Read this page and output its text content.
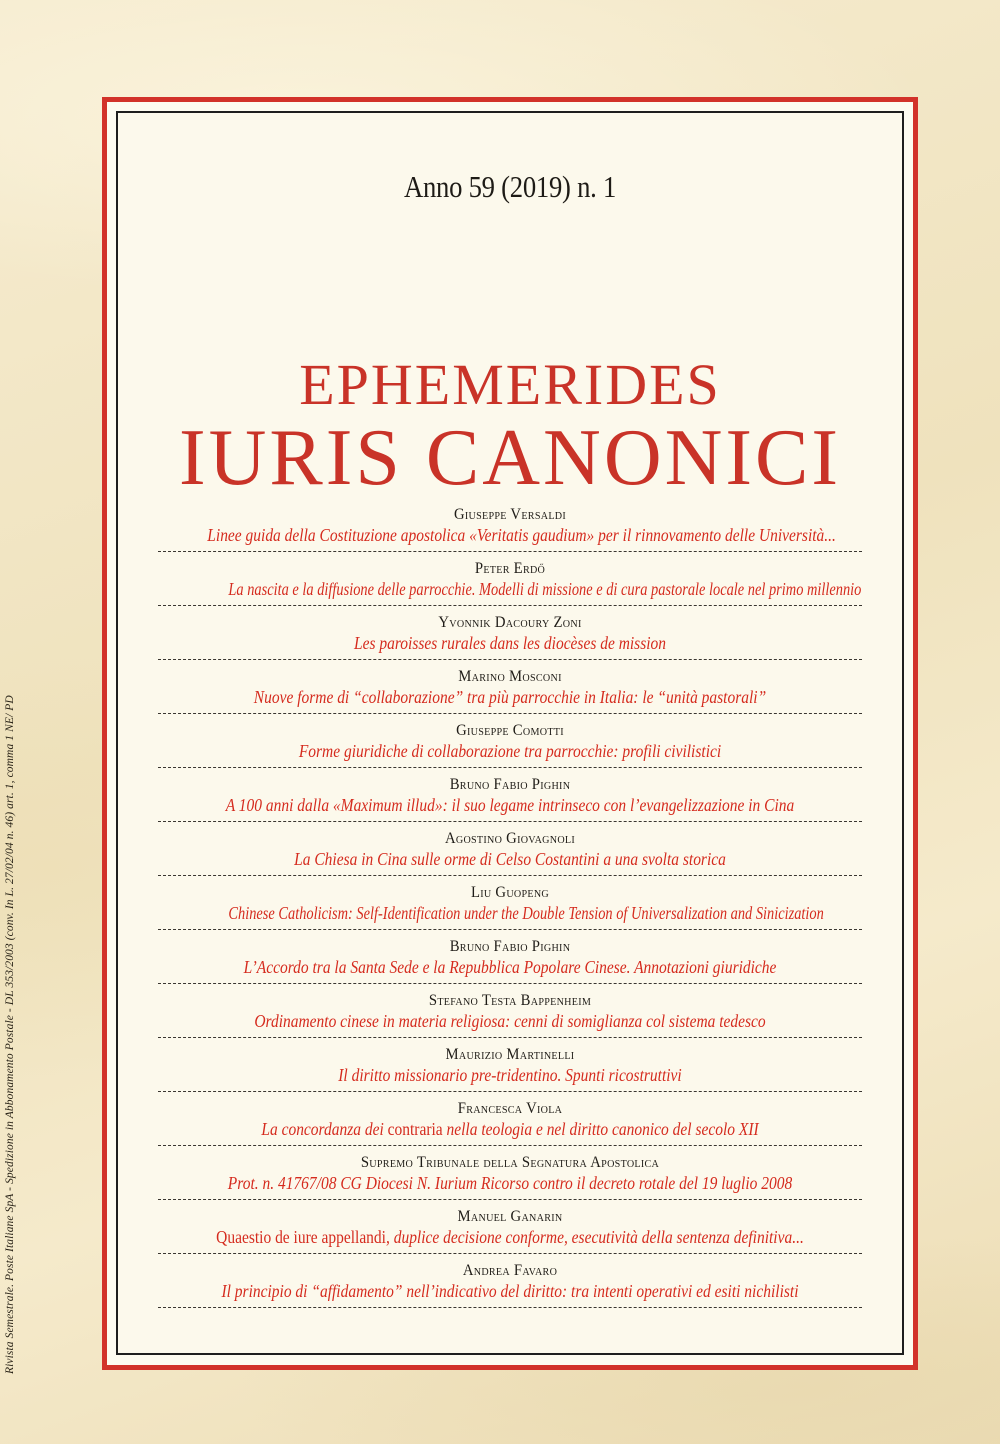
Rivista Semestrale. Poste Italiane SpA - Spedizione in Abbonamento Postale - DL 353/2003 (conv. In L. 27/02/04 n. 46) art. 1, comma 1 NE/ PD
Anno 59 (2019) n. 1
EPHEMERIDES
IURIS CANONICI
Giuseppe Versaldi
Linee guida della Costituzione apostolica «Veritatis gaudium» per il rinnovamento delle Università...
Peter Erdő
La nascita e la diffusione delle parrocchie. Modelli di missione e di cura pastorale locale nel primo millennio
Yvonnik Dacoury Zoni
Les paroisses rurales dans les diocèses de mission
Marino Mosconi
Nuove forme di “collaborazione” tra più parrocchie in Italia: le “unità pastorali”
Giuseppe Comotti
Forme giuridiche di collaborazione tra parrocchie: profili civilistici
Bruno Fabio Pighin
A 100 anni dalla «Maximum illud»: il suo legame intrinseco con l’evangelizzazione in Cina
Agostino Giovagnoli
La Chiesa in Cina sulle orme di Celso Costantini a una svolta storica
Liu Guopeng
Chinese Catholicism: Self-Identification under the Double Tension of Universalization and Sinicization
Bruno Fabio Pighin
L’Accordo tra la Santa Sede e la Repubblica Popolare Cinese. Annotazioni giuridiche
Stefano Testa Bappenheim
Ordinamento cinese in materia religiosa: cenni di somiglianza col sistema tedesco
Maurizio Martinelli
Il diritto missionario pre-tridentino. Spunti ricostruttivi
Francesca Viola
La concordanza dei contraria nella teologia e nel diritto canonico del secolo XII
Supremo Tribunale della Segnatura Apostolica
Prot. n. 41767/08 CG Diocesi N. Iurium Ricorso contro il decreto rotale del 19 luglio 2008
Manuel Ganarin
Quaestio de iure appellandi, duplice decisione conforme, esecutività della sentenza definitiva...
Andrea Favaro
Il principio di “affidamento” nell’indicativo del diritto: tra intenti operativi ed esiti nichilisti
